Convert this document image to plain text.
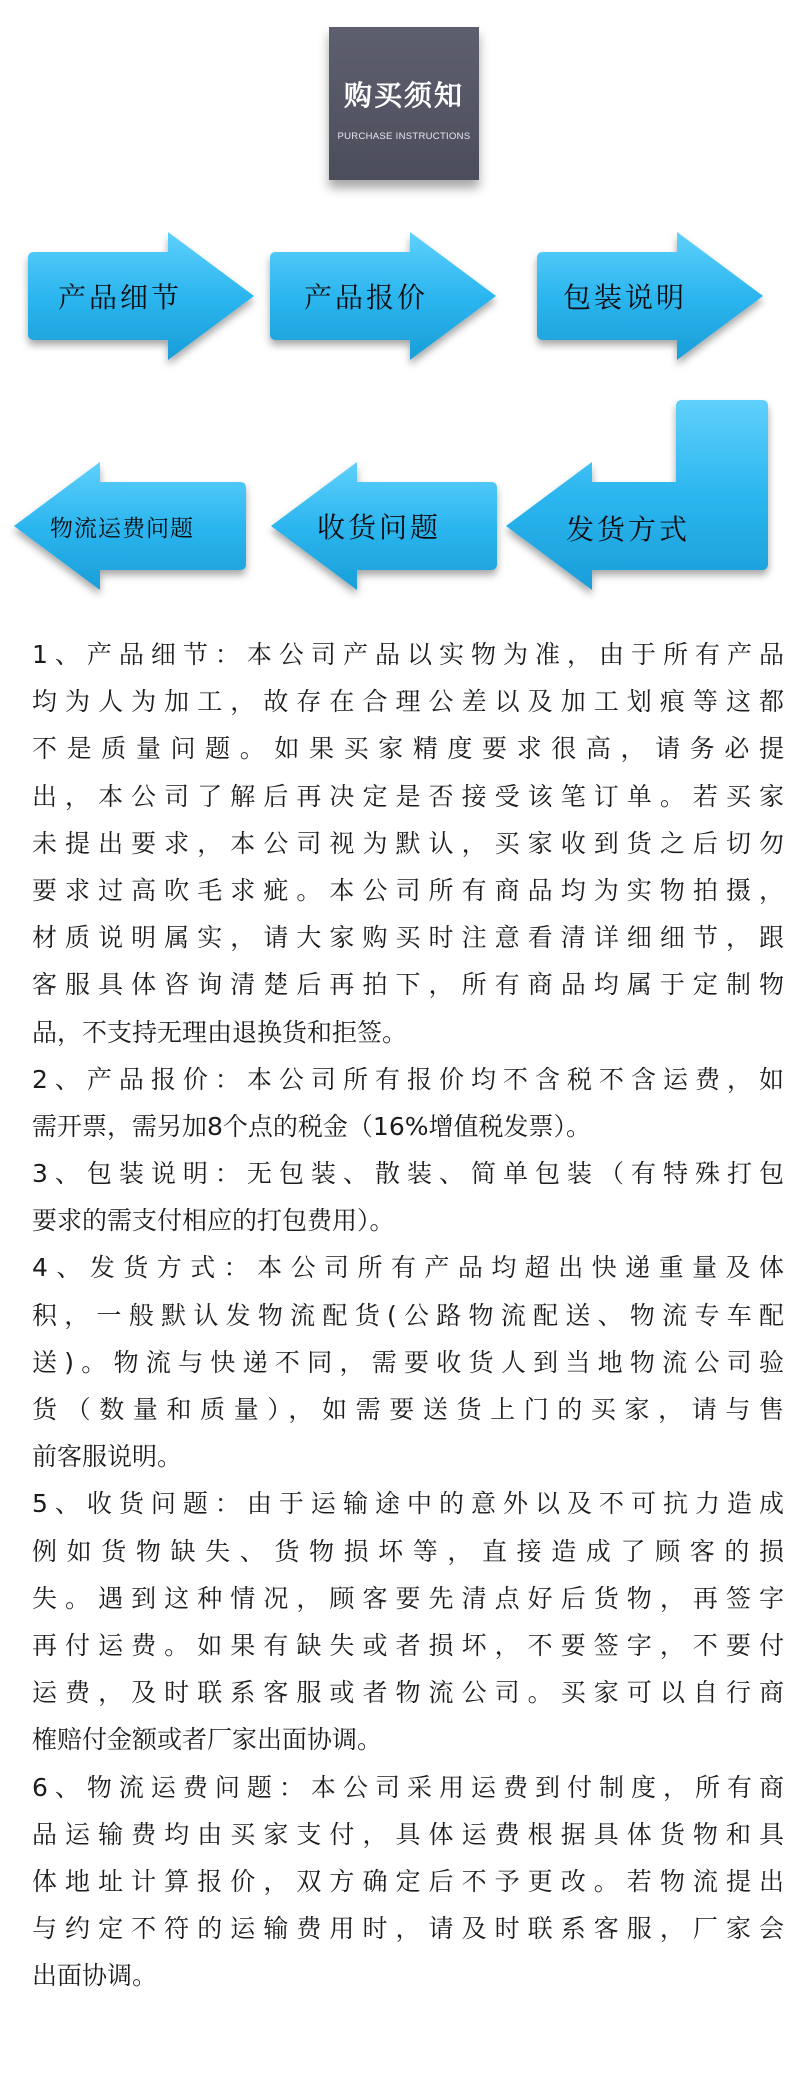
购买须知
PURCHASE INSTRUCTIONS
产品细节	产品报价	包装说明
物流运费问题	收货问题	发货方式
1、产品细节：本公司产品以实物为准，由于所有产品
均为人为加工，故存在合理公差以及加工划痕等这都
不是质量问题。如果买家精度要求很高，请务必提
出，本公司了解后再决定是否接受该笔订单。若买家
未提出要求，本公司视为默认，买家收到货之后切勿
要求过高吹毛求疵。本公司所有商品均为实物拍摄，
材质说明属实，请大家购买时注意看清详细细节，跟
客服具体咨询清楚后再拍下，所有商品均属于定制物
品，不支持无理由退换货和拒签。
2、产品报价：本公司所有报价均不含税不含运费，如
需开票，需另加8个点的税金（16%增值税发票）。
3、包装说明：无包装、散装、简单包装（有特殊打包
要求的需支付相应的打包费用）。
4、发货方式：本公司所有产品均超出快递重量及体
积，一般默认发物流配货(公路物流配送、物流专车配
送)。物流与快递不同，需要收货人到当地物流公司验
货（数量和质量），如需要送货上门的买家，请与售
前客服说明。
5、收货问题：由于运输途中的意外以及不可抗力造成
例如货物缺失、货物损坏等，直接造成了顾客的损
失。遇到这种情况，顾客要先清点好后货物，再签字
再付运费。如果有缺失或者损坏，不要签字，不要付
运费，及时联系客服或者物流公司。买家可以自行商
榷赔付金额或者厂家出面协调。
6、物流运费问题：本公司采用运费到付制度，所有商
品运输费均由买家支付，具体运费根据具体货物和具
体地址计算报价，双方确定后不予更改。若物流提出
与约定不符的运输费用时，请及时联系客服，厂家会
出面协调。
